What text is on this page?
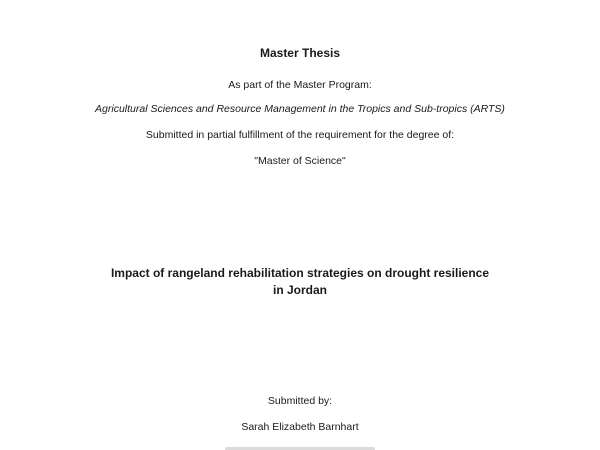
Master Thesis
As part of the Master Program:
Agricultural Sciences and Resource Management in the Tropics and Sub-tropics (ARTS)
Submitted in partial fulfillment of the requirement for the degree of:
"Master of Science"
Impact of rangeland rehabilitation strategies on drought resilience
in Jordan
Submitted by:
Sarah Elizabeth Barnhart
